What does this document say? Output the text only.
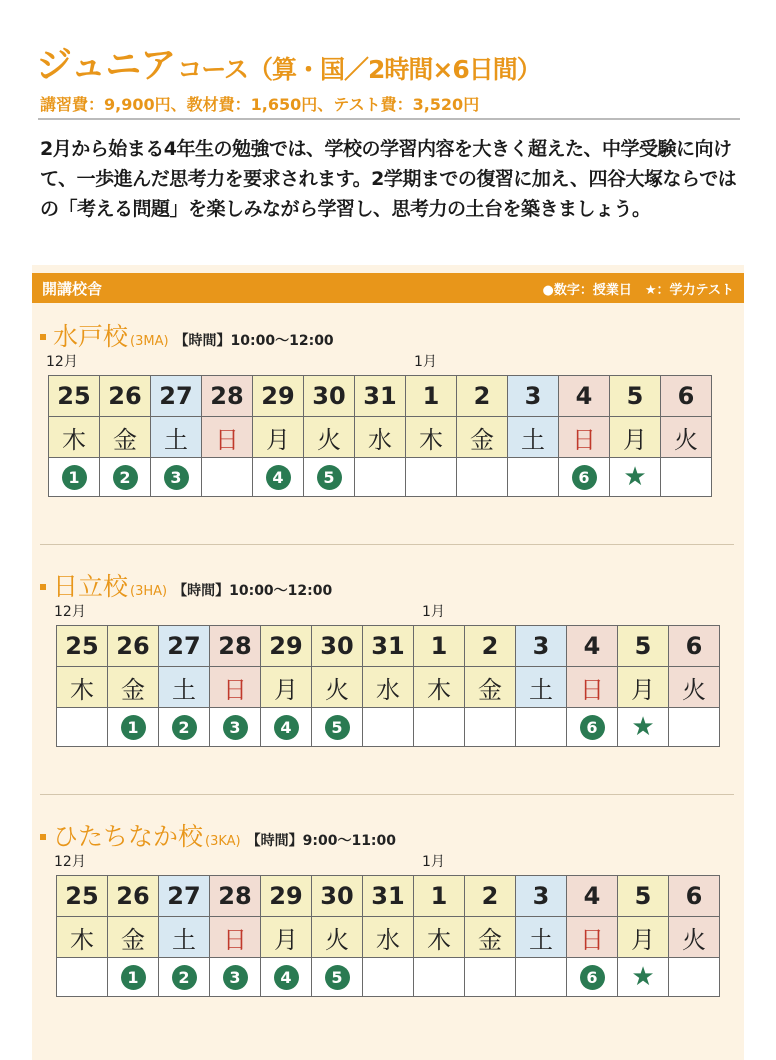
ジュニア コース（算・国／2時間×6日間）
講習費：9,900円、教材費：1,650円、テスト費：3,520円

2月から始まる4年生の勉強では、学校の学習内容を大きく超えた、中学受験に向けて、一歩進んだ思考力を要求されます。2学期までの復習に加え、四谷大塚ならではの「考える問題」を楽しみながら学習し、思考力の土台を築きましょう。

開講校舎	●数字：授業日　★：学力テスト
水戸校 (3MA) 【時間】10:00〜12:00
12月	1月
25	26	27	28	29	30	31	1	2	3	4	5	6
木	金	土	日	月	火	水	木	金	土	日	月	火
1	2	3		4	5					6	★	
日立校 (3HA) 【時間】10:00〜12:00
12月	1月
25	26	27	28	29	30	31	1	2	3	4	5	6
木	金	土	日	月	火	水	木	金	土	日	月	火
	1	2	3	4	5					6	★	
ひたちなか校 (3KA) 【時間】9:00〜11:00
12月	1月
25	26	27	28	29	30	31	1	2	3	4	5	6
木	金	土	日	月	火	水	木	金	土	日	月	火
	1	2	3	4	5					6	★	
